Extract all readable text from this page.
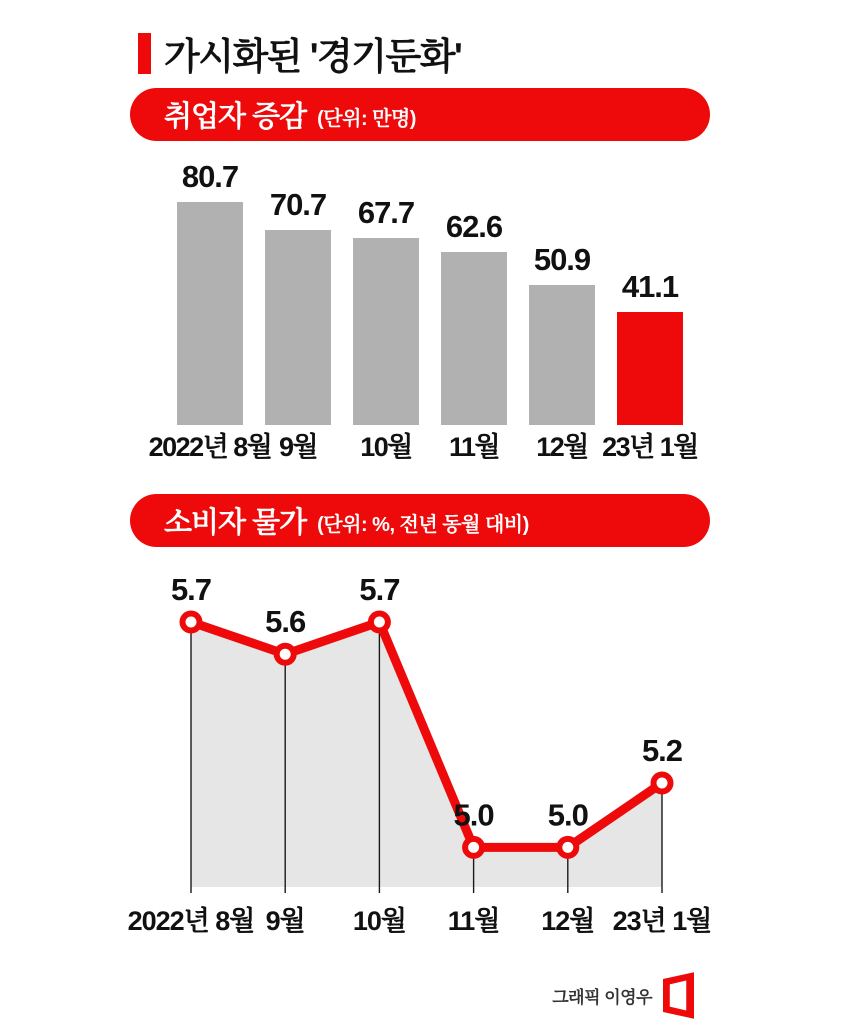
가시화된 '경기둔화'
취업자 증감 (단위: 만명)
80.7
2022년 8월
70.7
9월
67.7
10월
62.6
11월
50.9
12월
41.1
23년 1월
소비자 물가 (단위: %, 전년 동월 대비)
5.7
5.6
5.7
5.0 5.0
5.2
2022년 8월 9월 10월 11월 12월 23년 1월
그래픽 이영우
